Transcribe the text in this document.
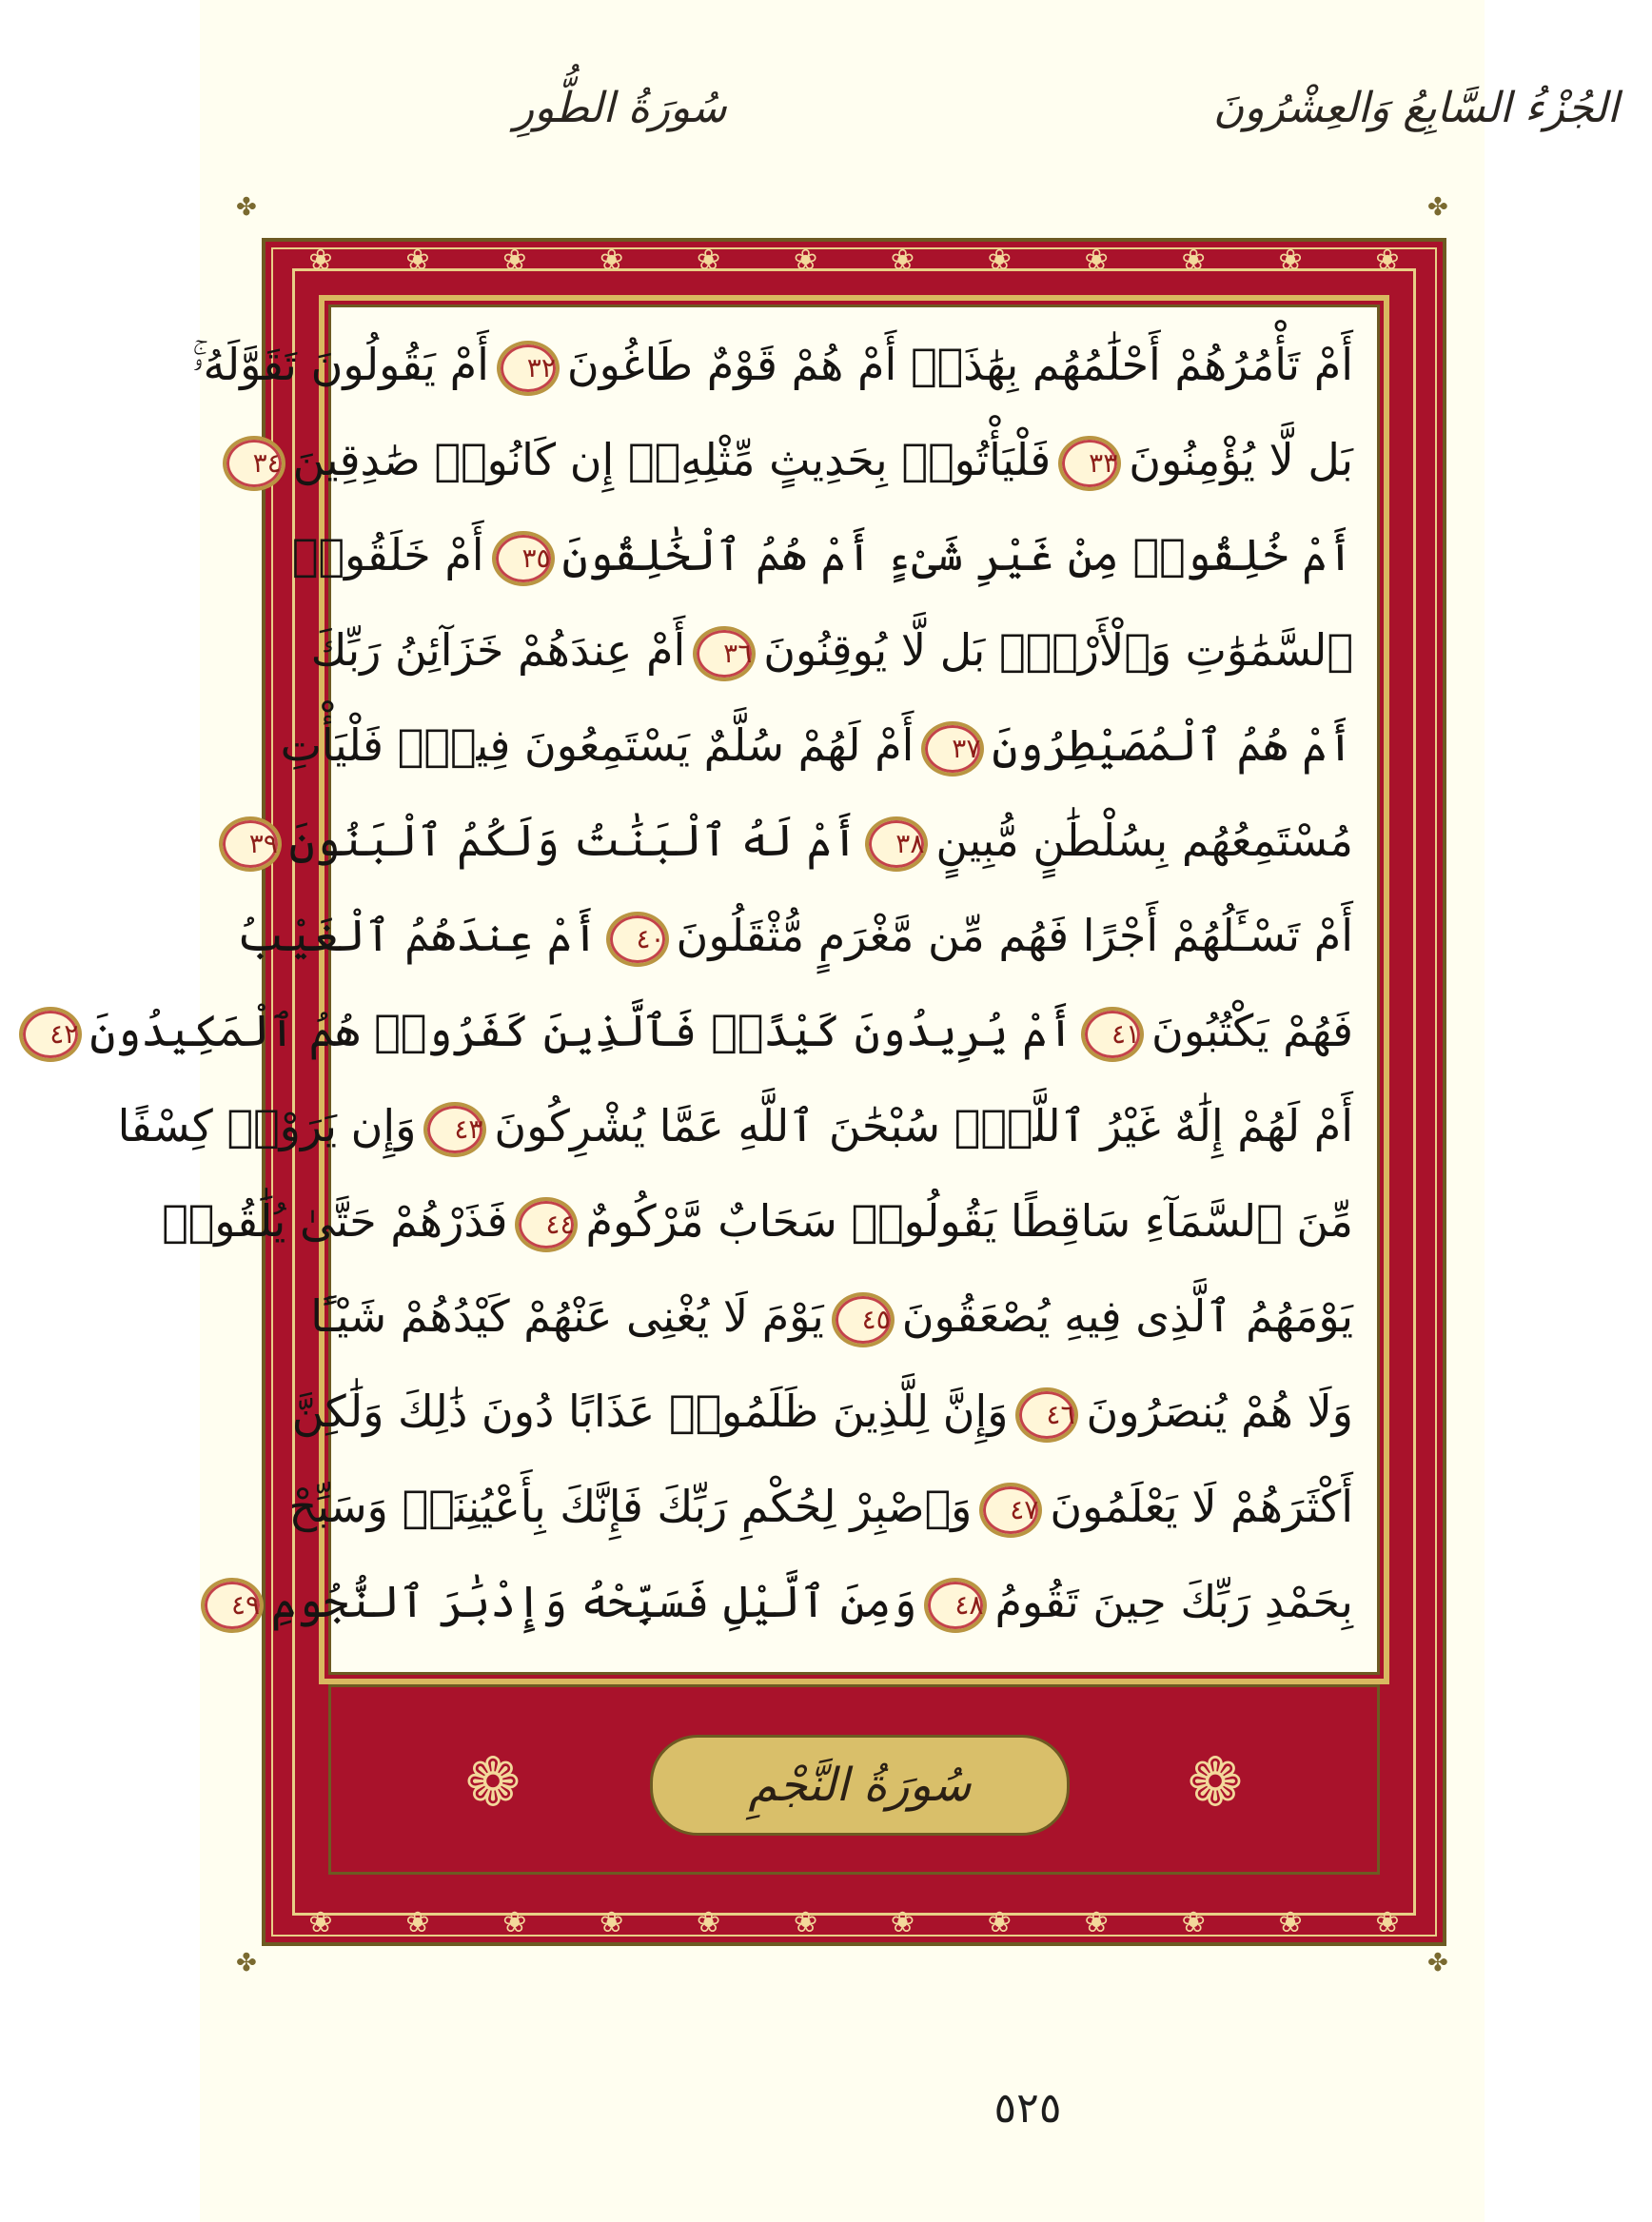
الجُزْءُ السَّابِعُ وَالعِشْرُونَ
سُورَةُ الطُّورِ
٥٢٥
✤	✤
✤	✤
❀	❀	❀	❀	❀	❀	❀	❀	❀	❀	❀	❀
❀	❀	❀	❀	❀	❀	❀	❀	❀	❀	❀	❀
أَمْ تَأْمُرُهُمْ أَحْلَٰمُهُم بِهَٰذَآۚ أَمْ هُمْ قَوْمٌ طَاغُونَ٣٢أَمْ يَقُولُونَ تَقَوَّلَهُۥۚ
بَل لَّا يُؤْمِنُونَ٣٣فَلْيَأْتُوا۟ بِحَدِيثٍ مِّثْلِهِۦٓ إِن كَانُوا۟ صَٰدِقِينَ٣٤
أَمْ خُلِقُوا۟ مِنْ غَيْرِ شَىْءٍ أَمْ هُمُ ٱلْخَٰلِقُونَ٣٥أَمْ خَلَقُوا۟
ٱلسَّمَٰوَٰتِ وَٱلْأَرْضَۚ بَل لَّا يُوقِنُونَ٣٦أَمْ عِندَهُمْ خَزَآئِنُ رَبِّكَ
أَمْ هُمُ ٱلْمُصَيْطِرُونَ٣٧أَمْ لَهُمْ سُلَّمٌ يَسْتَمِعُونَ فِيهِۖ فَلْيَأْتِ
مُسْتَمِعُهُم بِسُلْطَٰنٍ مُّبِينٍ٣٨أَمْ لَهُ ٱلْبَنَٰتُ وَلَكُمُ ٱلْبَنُونَ٣٩
أَمْ تَسْـَٔلُهُمْ أَجْرًا فَهُم مِّن مَّغْرَمٍ مُّثْقَلُونَ٤٠أَمْ عِندَهُمُ ٱلْغَيْبُ
فَهُمْ يَكْتُبُونَ٤١أَمْ يُرِيدُونَ كَيْدًاۖ فَٱلَّذِينَ كَفَرُوا۟ هُمُ ٱلْمَكِيدُونَ٤٢
أَمْ لَهُمْ إِلَٰهٌ غَيْرُ ٱللَّهِۚ سُبْحَٰنَ ٱللَّهِ عَمَّا يُشْرِكُونَ٤٣وَإِن يَرَوْا۟ كِسْفًا
مِّنَ ٱلسَّمَآءِ سَاقِطًا يَقُولُوا۟ سَحَابٌ مَّرْكُومٌ٤٤فَذَرْهُمْ حَتَّىٰ يُلَٰقُوا۟
يَوْمَهُمُ ٱلَّذِى فِيهِ يُصْعَقُونَ٤٥يَوْمَ لَا يُغْنِى عَنْهُمْ كَيْدُهُمْ شَيْـًٔا
وَلَا هُمْ يُنصَرُونَ٤٦وَإِنَّ لِلَّذِينَ ظَلَمُوا۟ عَذَابًا دُونَ ذَٰلِكَ وَلَٰكِنَّ
أَكْثَرَهُمْ لَا يَعْلَمُونَ٤٧وَٱصْبِرْ لِحُكْمِ رَبِّكَ فَإِنَّكَ بِأَعْيُنِنَاۖ وَسَبِّحْ
بِحَمْدِ رَبِّكَ حِينَ تَقُومُ٤٨وَمِنَ ٱلَّيْلِ فَسَبِّحْهُ وَإِدْبَٰرَ ٱلنُّجُومِ٤٩
❁	❁
سُورَةُ النَّجْمِ
